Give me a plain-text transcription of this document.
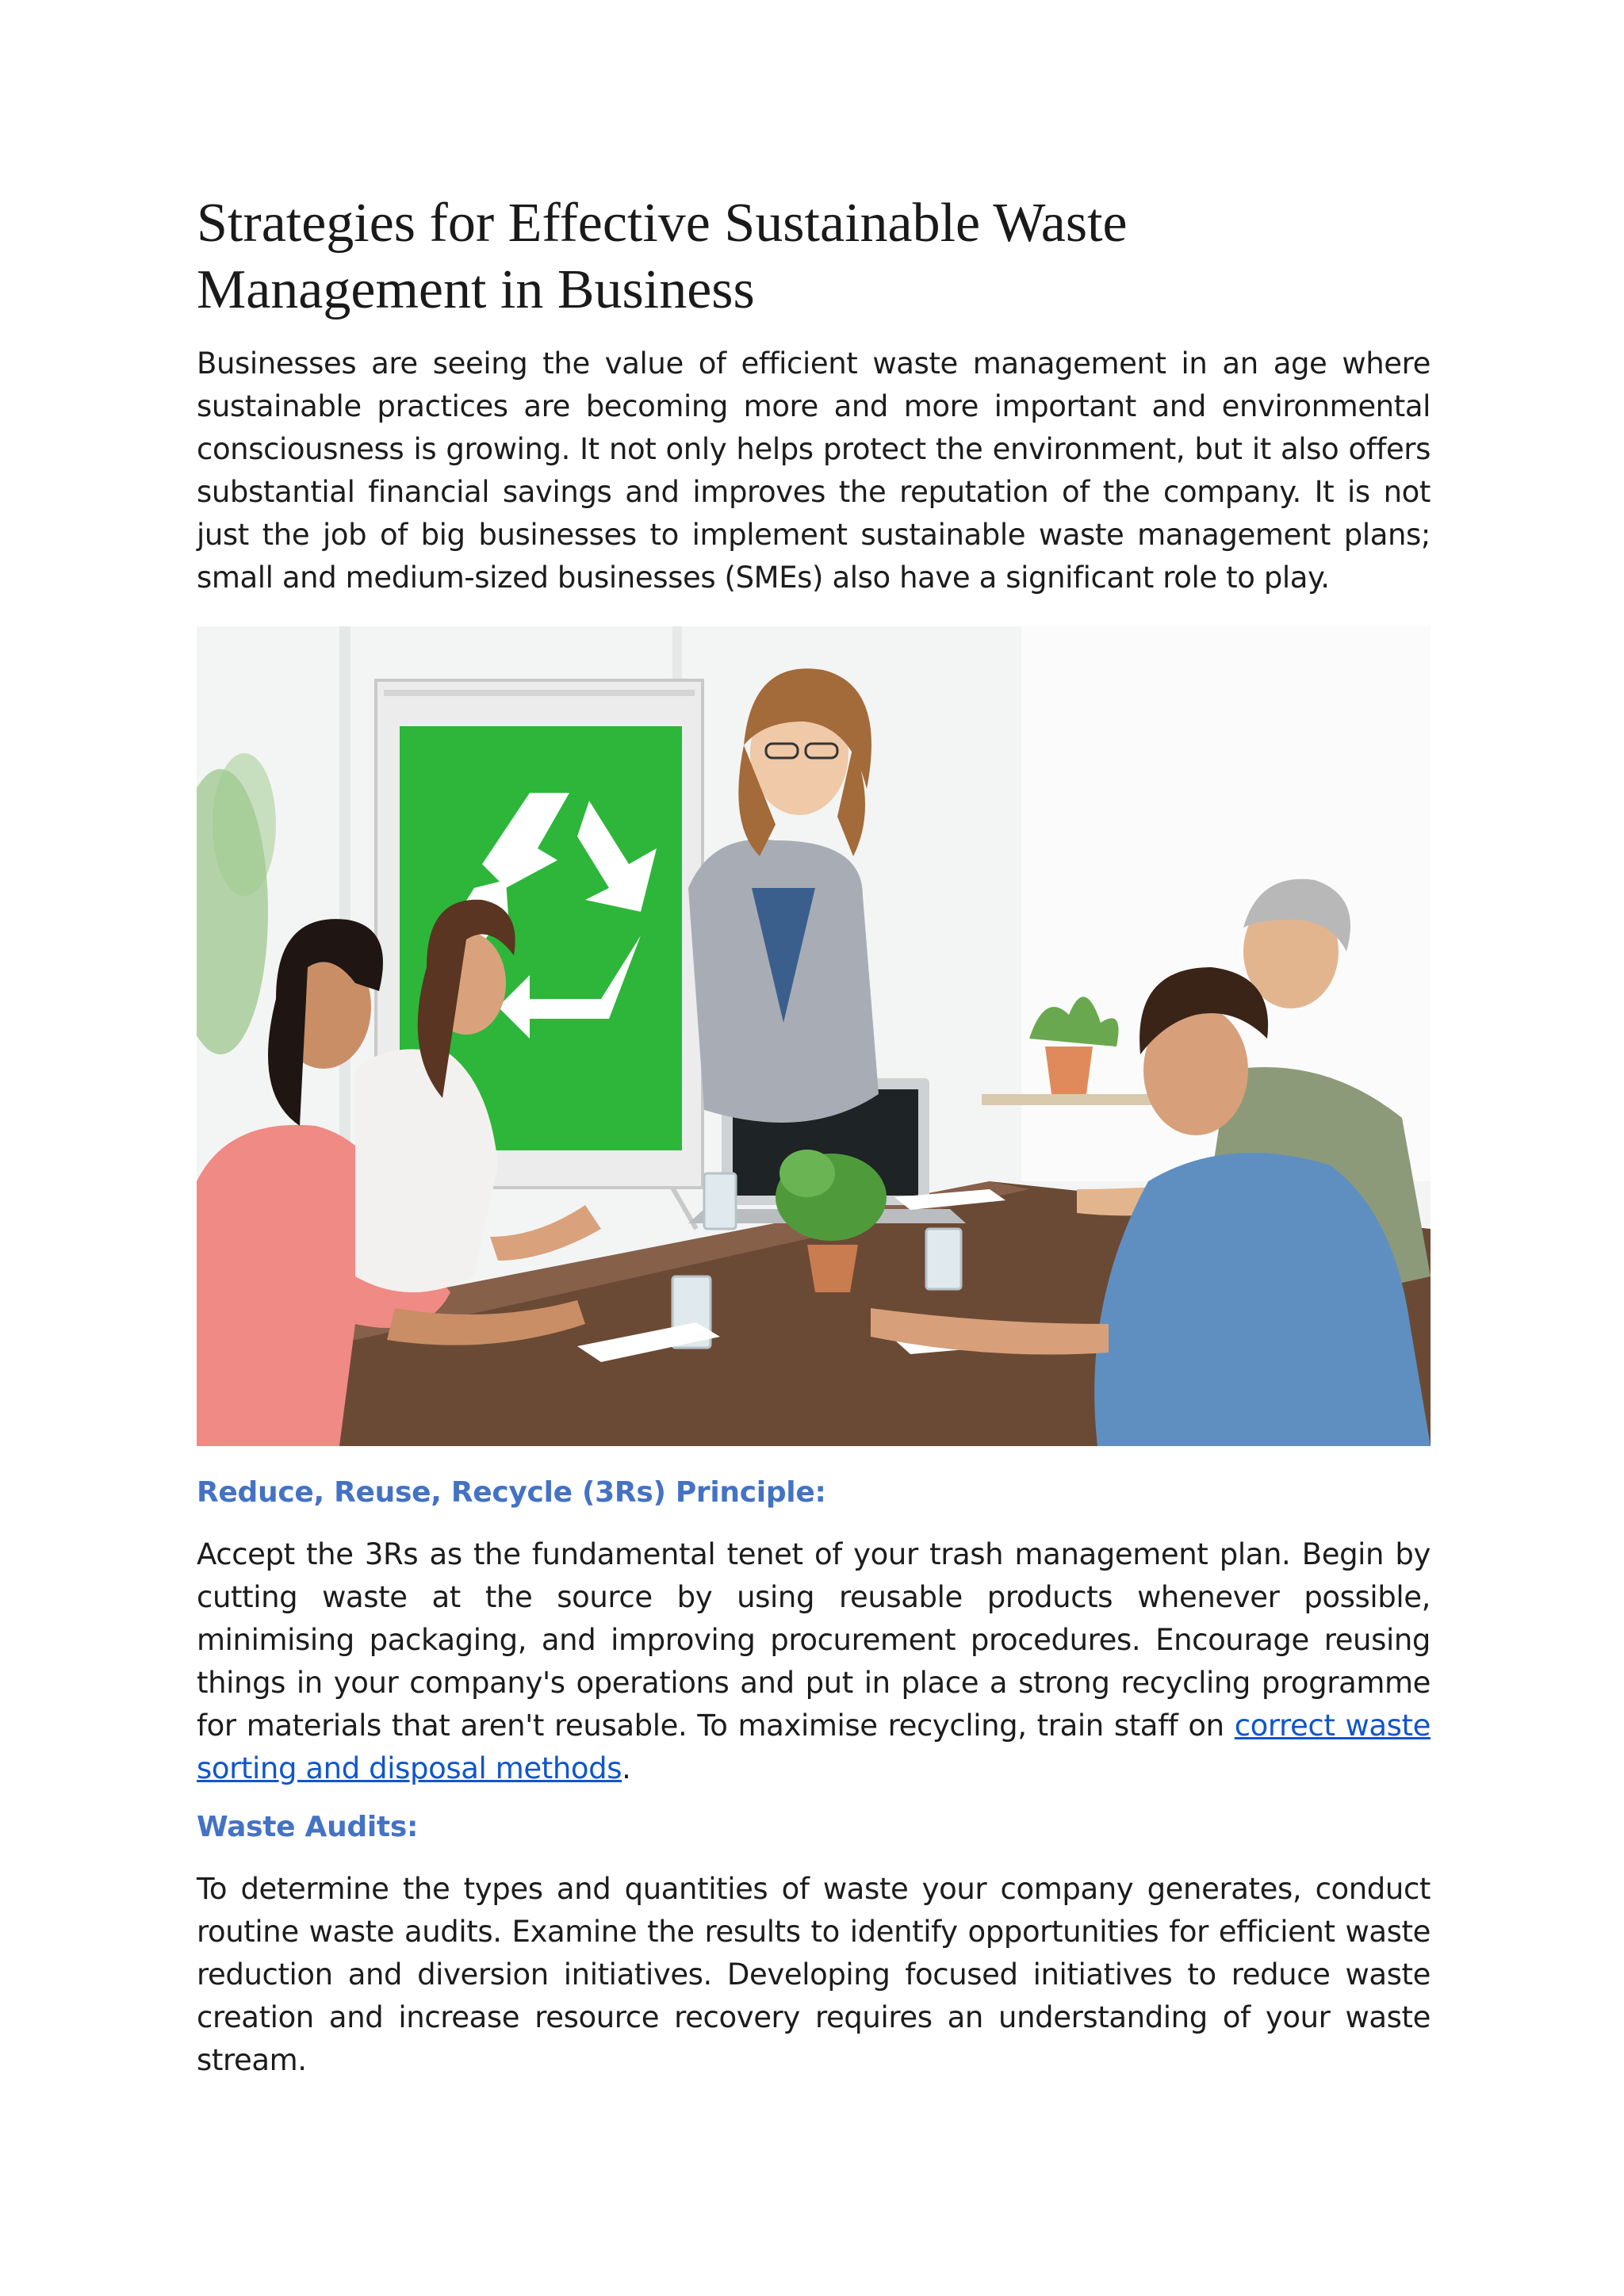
Strategies for Effective Sustainable Waste Management in Business

Businesses are seeing the value of efficient waste management in an age where sustainable practices are becoming more and more important and environmental consciousness is growing. It not only helps protect the environment, but it also offers substantial financial savings and improves the reputation of the company. It is not just the job of big businesses to implement sustainable waste management plans; small and medium-sized businesses (SMEs) also have a significant role to play.

Reduce, Reuse, Recycle (3Rs) Principle:

Accept the 3Rs as the fundamental tenet of your trash management plan. Begin by cutting waste at the source by using reusable products whenever possible, minimising packaging, and improving procurement procedures. Encourage reusing things in your company's operations and put in place a strong recycling programme for materials that aren't reusable. To maximise recycling, train staff on correct waste sorting and disposal methods.

Waste Audits:

To determine the types and quantities of waste your company generates, conduct routine waste audits. Examine the results to identify opportunities for efficient waste reduction and diversion initiatives. Developing focused initiatives to reduce waste creation and increase resource recovery requires an understanding of your waste stream.
